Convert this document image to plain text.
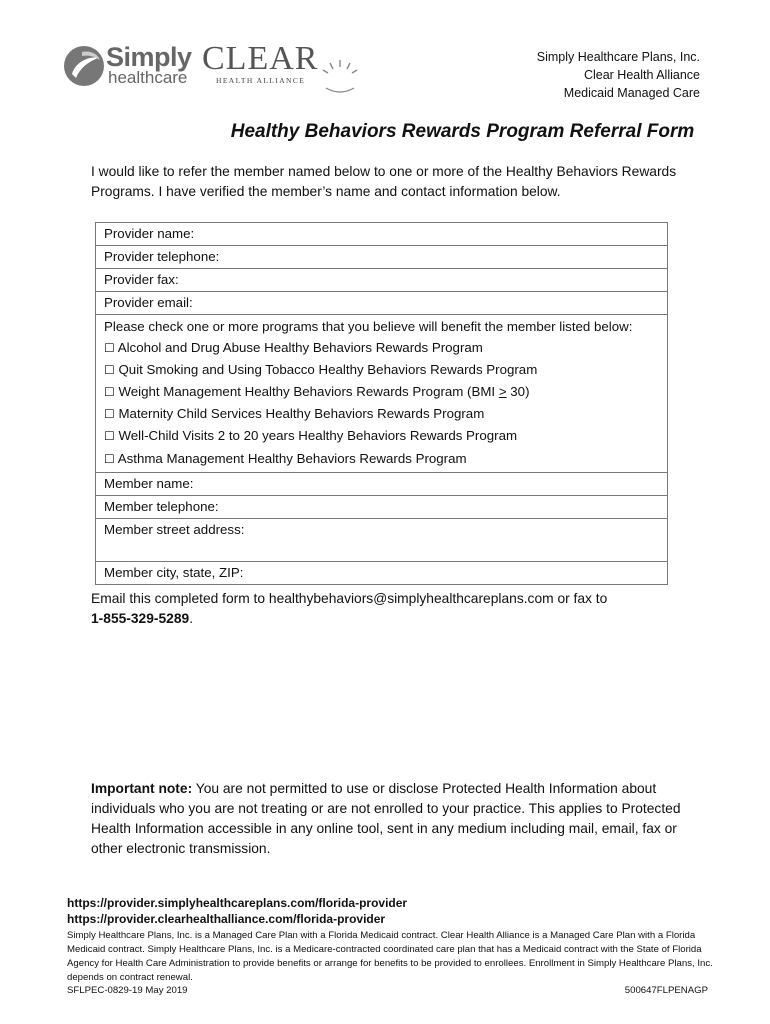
Simply
healthcare
CLEAR
HEALTH ALLIANCE
Simply Healthcare Plans, Inc.
Clear Health Alliance
Medicaid Managed Care
Healthy Behaviors Rewards Program Referral Form
I would like to refer the member named below to one or more of the Healthy Behaviors Rewards Programs. I have verified the member’s name and contact information below.
Provider name:
Provider telephone:
Provider fax:
Provider email:

Please check one or more programs that you believe will benefit the member listed below:
☐ Alcohol and Drug Abuse Healthy Behaviors Rewards Program
☐ Quit Smoking and Using Tobacco Healthy Behaviors Rewards Program
☐ Weight Management Healthy Behaviors Rewards Program (BMI > 30)
☐ Maternity Child Services Healthy Behaviors Rewards Program
☐ Well-Child Visits 2 to 20 years Healthy Behaviors Rewards Program
☐ Asthma Management Healthy Behaviors Rewards Program

Member name:
Member telephone:
Member street address:
Member city, state, ZIP:
Email this completed form to healthybehaviors@simplyhealthcareplans.com or fax to
1-855-329-5289.
Important note: You are not permitted to use or disclose Protected Health Information about individuals who you are not treating or are not enrolled to your practice. This applies to Protected Health Information accessible in any online tool, sent in any medium including mail, email, fax or other electronic transmission.
https://provider.simplyhealthcareplans.com/florida-provider
https://provider.clearhealthalliance.com/florida-provider
Simply Healthcare Plans, Inc. is a Managed Care Plan with a Florida Medicaid contract. Clear Health Alliance is a Managed Care Plan with a Florida Medicaid contract. Simply Healthcare Plans, Inc. is a Medicare-contracted coordinated care plan that has a Medicaid contract with the State of Florida Agency for Health Care Administration to provide benefits or arrange for benefits to be provided to enrollees. Enrollment in Simply Healthcare Plans, Inc. depends on contract renewal.
SFLPEC-0829-19 May 2019	500647FLPENAGP
